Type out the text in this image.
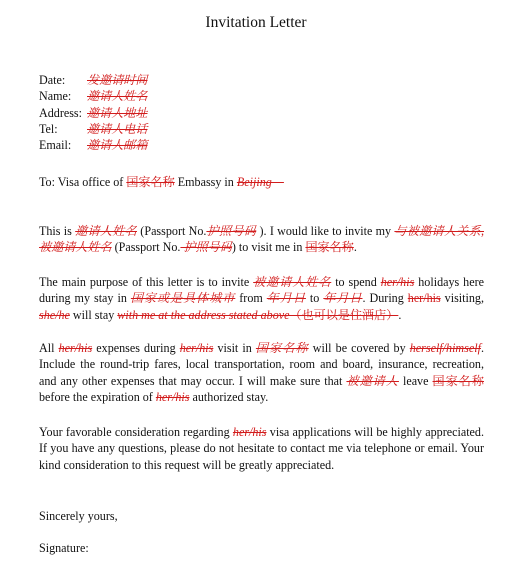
Invitation Letter
Date: 发邀请时间
Name: 邀请人姓名
Address: 邀请人地址
Tel: 邀请人电话
Email: 邀请人邮箱
To: Visa office of 国家名称 Embassy in Beijing　
This is 邀请人姓名 (Passport No.护照号码 ). I would like to invite my 与被邀请人关系, 被邀请人姓名 (Passport No. 护照号码) to visit me in 国家名称.
The main purpose of this letter is to invite 被邀请人姓名 to spend her/his holidays here during my stay in 国家或是具体城市 from 年月日 to 年月日. During her/his visiting, she/he will stay with me at the address stated above（也可以是住酒店）.
All her/his expenses during her/his visit in 国家名称 will be covered by herself/himself. Include the round-trip fares, local transportation, room and board, insurance, recreation, and any other expenses that may occur. I will make sure that 被邀请人 leave 国家名称 before the expiration of her/his authorized stay.
Your favorable consideration regarding her/his visa applications will be highly appreciated. If you have any questions, please do not hesitate to contact me via telephone or email. Your kind consideration to this request will be greatly appreciated.
Sincerely yours,
Signature:
